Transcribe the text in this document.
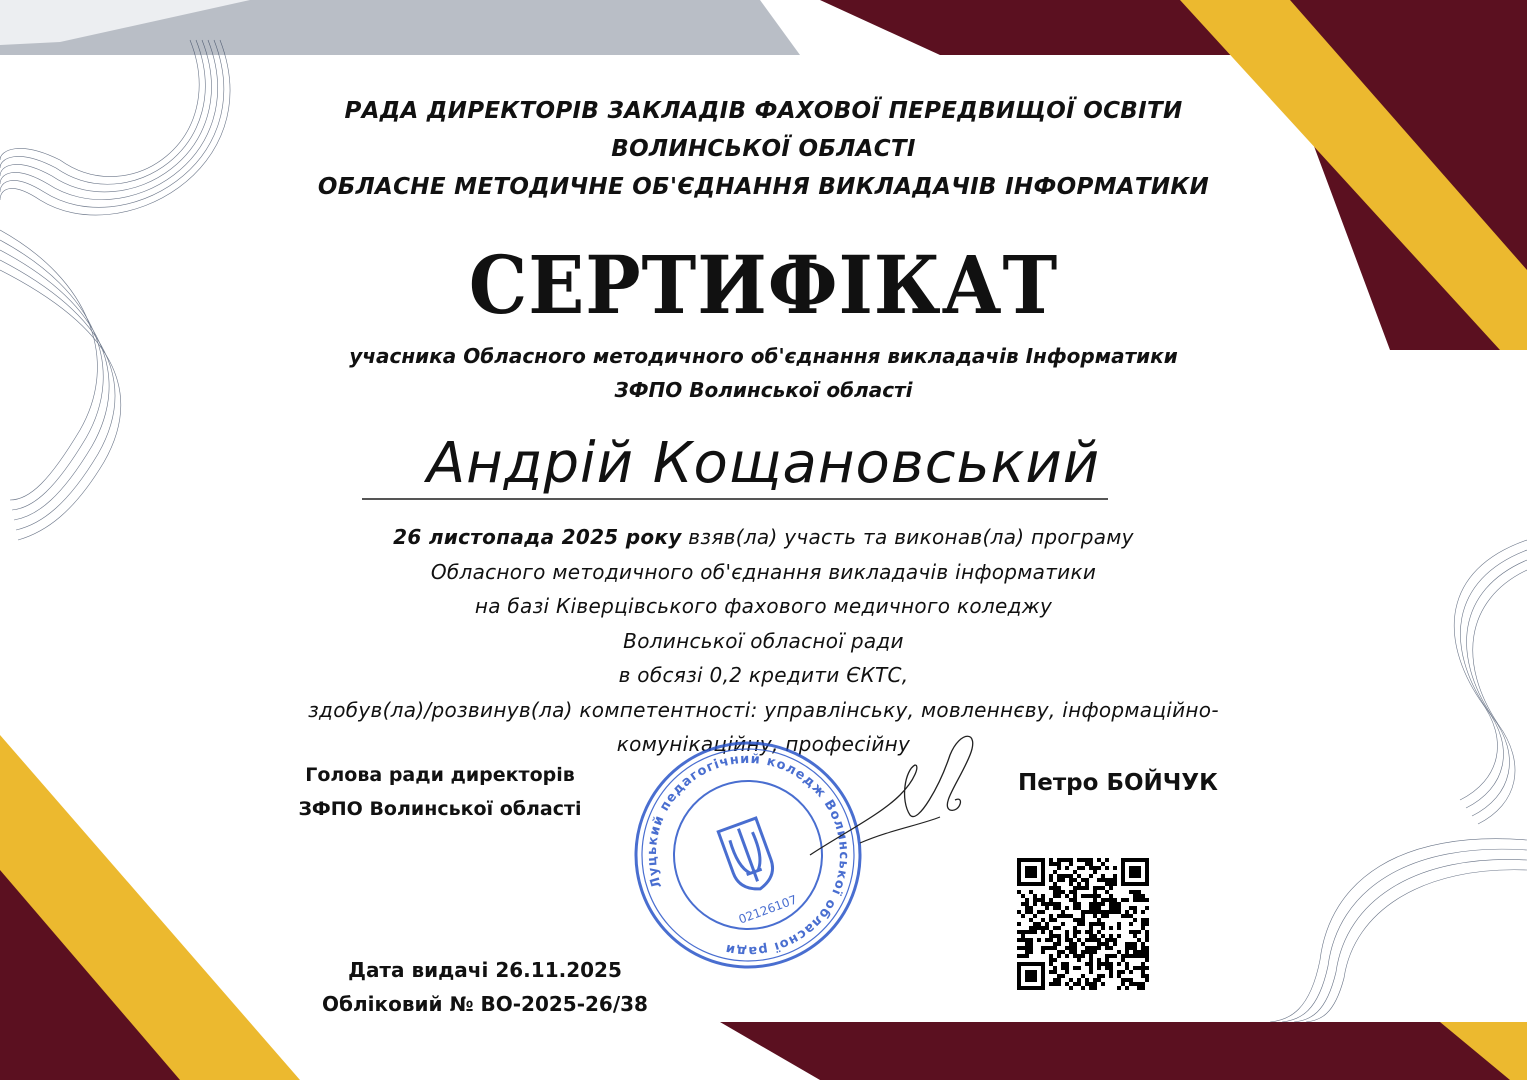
РАДА ДИРЕКТОРІВ ЗАКЛАДІВ ФАХОВОЇ ПЕРЕДВИЩОЇ ОСВІТИ
ВОЛИНСЬКОЇ ОБЛАСТІ
ОБЛАСНЕ МЕТОДИЧНЕ ОБ'ЄДНАННЯ ВИКЛАДАЧІВ ІНФОРМАТИКИ
СЕРТИФІКАТ
учасника Обласного методичного об'єднання викладачів Інформатики
ЗФПО Волинської області
Андрій Кощановський
26 листопада 2025 року взяв(ла) участь та виконав(ла) програму
Обласного методичного об'єднання викладачів інформатики
на базі Ківерцівського фахового медичного коледжу
Волинської обласної ради
в обсязі 0,2 кредити ЄКТС,
здобув(ла)/розвинув(ла) компетентності: управлінську, мовленнєву, інформаційно-
комунікаційну, професійну
Голова ради директорів
ЗФПО Волинської області
Петро БОЙЧУК
Луцький педагогічний коледж Волинської обласної ради
02126107
Дата видачі 26.11.2025
Обліковий № ВО-2025-26/38
